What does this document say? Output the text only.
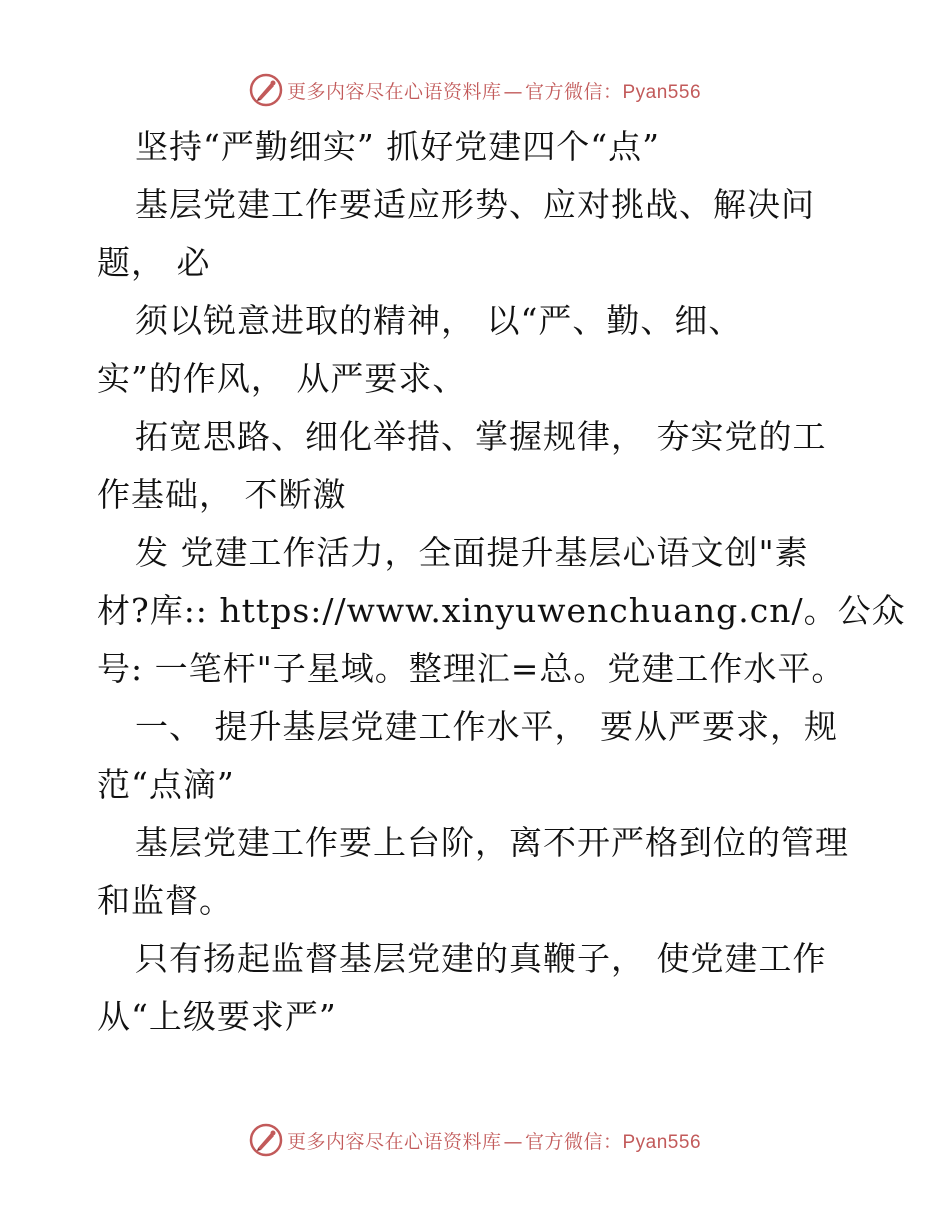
更多内容尽在心语资料库 — 官方微信：Pyan556
坚持“严勤细实” 抓好党建四个“点”
基层党建工作要适应形势、应对挑战、解决问
题， 必
须以锐意进取的精神， 以“严、勤、细、
实”的作风， 从严要求、
拓宽思路、细化举措、掌握规律， 夯实党的工
作基础， 不断激
发 党建工作活力，全面提升基层心语文创"素
材?库:: https://www.xinyuwenchuang.cn/。公众
号: 一笔杆"子星域。整理汇=总。党建工作水平。
一、 提升基层党建工作水平， 要从严要求，规
范“点滴”
基层党建工作要上台阶，离不开严格到位的管理
和监督。
只有扬起监督基层党建的真鞭子， 使党建工作
从“上级要求严”
更多内容尽在心语资料库 — 官方微信：Pyan556
